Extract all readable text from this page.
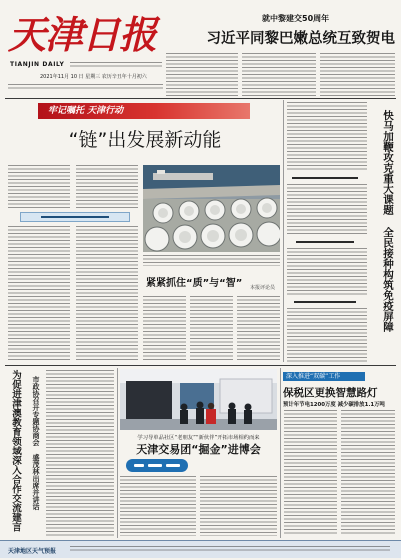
天津日报
TIANJIN DAILY
2021年11月 10 日 星期三 农历辛丑年十月初六
就中黎建交50周年
习近平同黎巴嫩总统互致贺电
牢记嘱托 天津行动
“链”出发展新动能
紧紧抓住“质”与“智” 本报评论员	快马加鞭攻克重大课题 全民接种构筑免疫屏障
为促进津澳教育领域深入合作交流建言 市政协召开专题协商会 盛茂林出席并讲话	学习导单品社区“老朋友”“新伙伴”开拓市场相约而来
天津交易团“掘金”进博会
深入推进“双碳”工作
保税区更换智慧路灯
预计年节电1200万度 减少碳排放1.1万吨
天津地区天气预报
